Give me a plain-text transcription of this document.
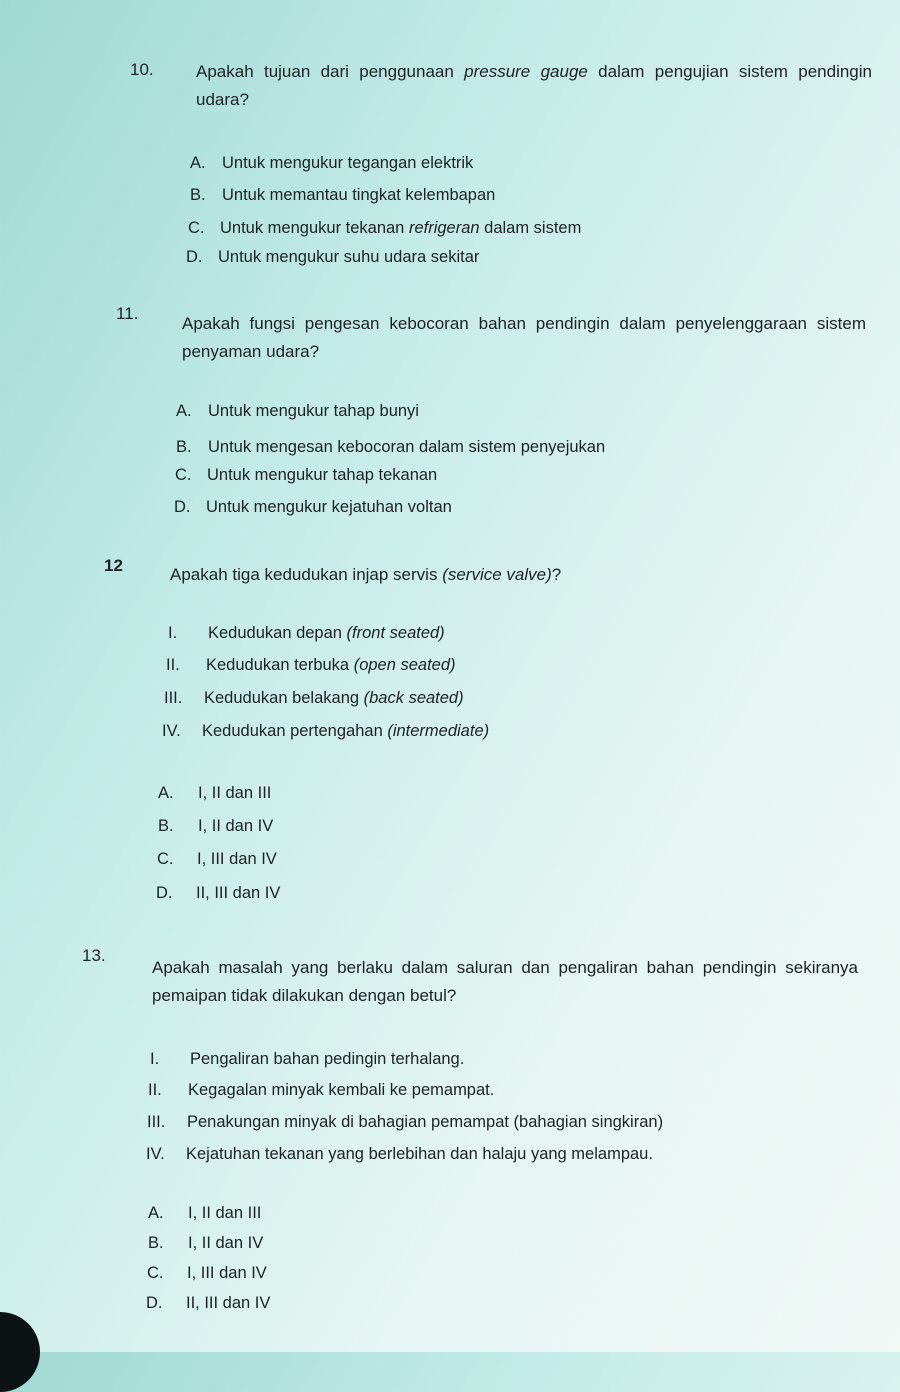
10. Apakah tujuan dari penggunaan pressure gauge dalam pengujian sistem pendingin udara?
A. Untuk mengukur tegangan elektrik
B. Untuk memantau tingkat kelembapan
C. Untuk mengukur tekanan refrigeran dalam sistem
D. Untuk mengukur suhu udara sekitar
11.
Apakah fungsi pengesan kebocoran bahan pendingin dalam penyelenggaraan sistem penyaman udara?
A. Untuk mengukur tahap bunyi
B. Untuk mengesan kebocoran dalam sistem penyejukan
C. Untuk mengukur tahap tekanan
D. Untuk mengukur kejatuhan voltan
12	Apakah tiga kedudukan injap servis (service valve)?
I. Kedudukan depan (front seated)
II. Kedudukan terbuka (open seated)
III. Kedudukan belakang (back seated)
IV. Kedudukan pertengahan (intermediate)
A. I, II dan III
B. I, II dan IV
C. I, III dan IV
D. II, III dan IV
13.
Apakah masalah yang berlaku dalam saluran dan pengaliran bahan pendingin sekiranya pemaipan tidak dilakukan dengan betul?
I. Pengaliran bahan pedingin terhalang.
II. Kegagalan minyak kembali ke pemampat.
III. Penakungan minyak di bahagian pemampat (bahagian singkiran)
IV. Kejatuhan tekanan yang berlebihan dan halaju yang melampau.
A. I, II dan III
B. I, II dan IV
C. I, III dan IV
D. II, III dan IV
